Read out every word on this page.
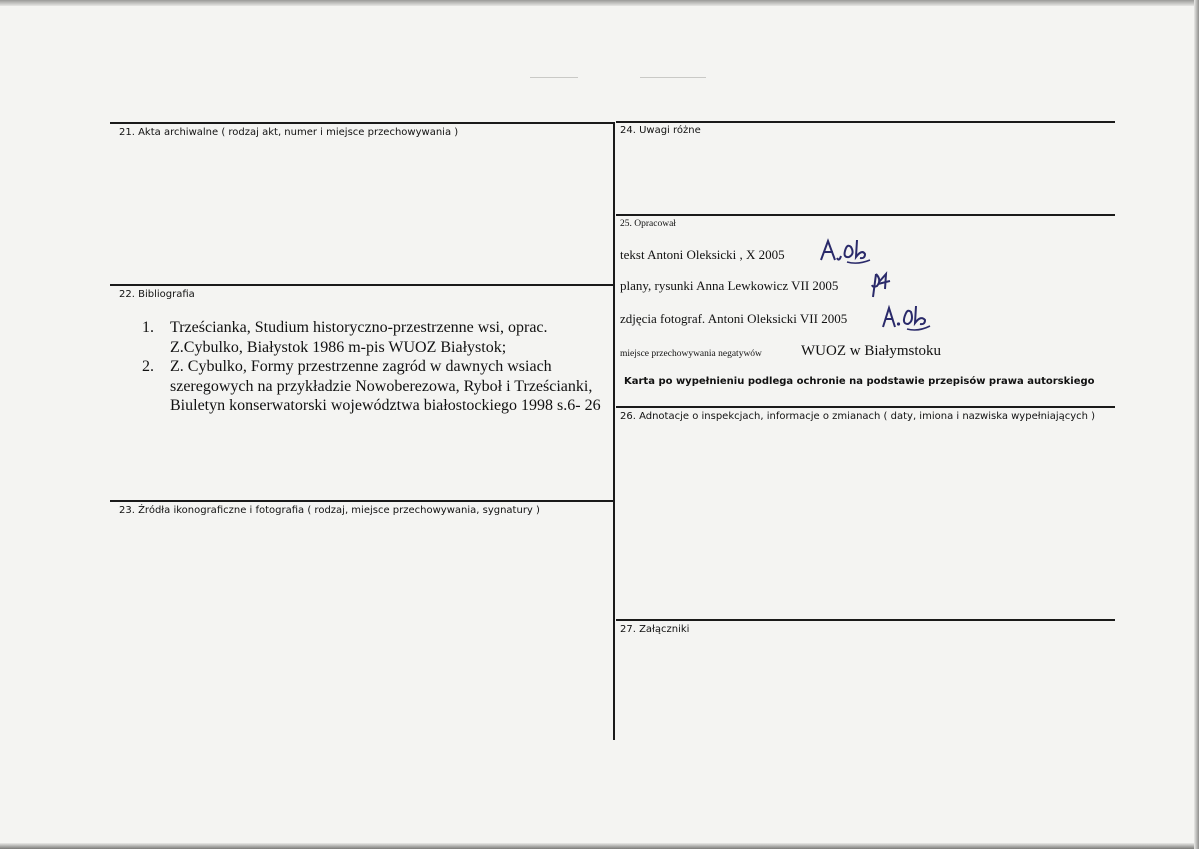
21. Akta archiwalne ( rodzaj akt, numer i miejsce przechowywania )
22. Bibliografia
1. Trześcianka, Studium historyczno-przestrzenne wsi, oprac. Z.Cybulko, Białystok 1986 m-pis WUOZ Białystok;
2. Z. Cybulko, Formy przestrzenne zagród w dawnych wsiach szeregowych na przykładzie Nowoberezowa, Ryboł i Trześcianki, Biuletyn konserwatorski województwa białostockiego 1998 s.6- 26
23. Źródła ikonograficzne i fotografia ( rodzaj, miejsce przechowywania, sygnatury )
24. Uwagi różne
25. Opracował
tekst Antoni Oleksicki , X 2005
plany, rysunki Anna Lewkowicz VII 2005
zdjęcia fotograf. Antoni Oleksicki VII 2005
miejsce przechowywania negatywów	WUOZ w Białymstoku
Karta po wypełnieniu podlega ochronie na podstawie przepisów prawa autorskiego
26. Adnotacje o inspekcjach, informacje o zmianach ( daty, imiona i nazwiska wypełniających )
27. Załączniki
